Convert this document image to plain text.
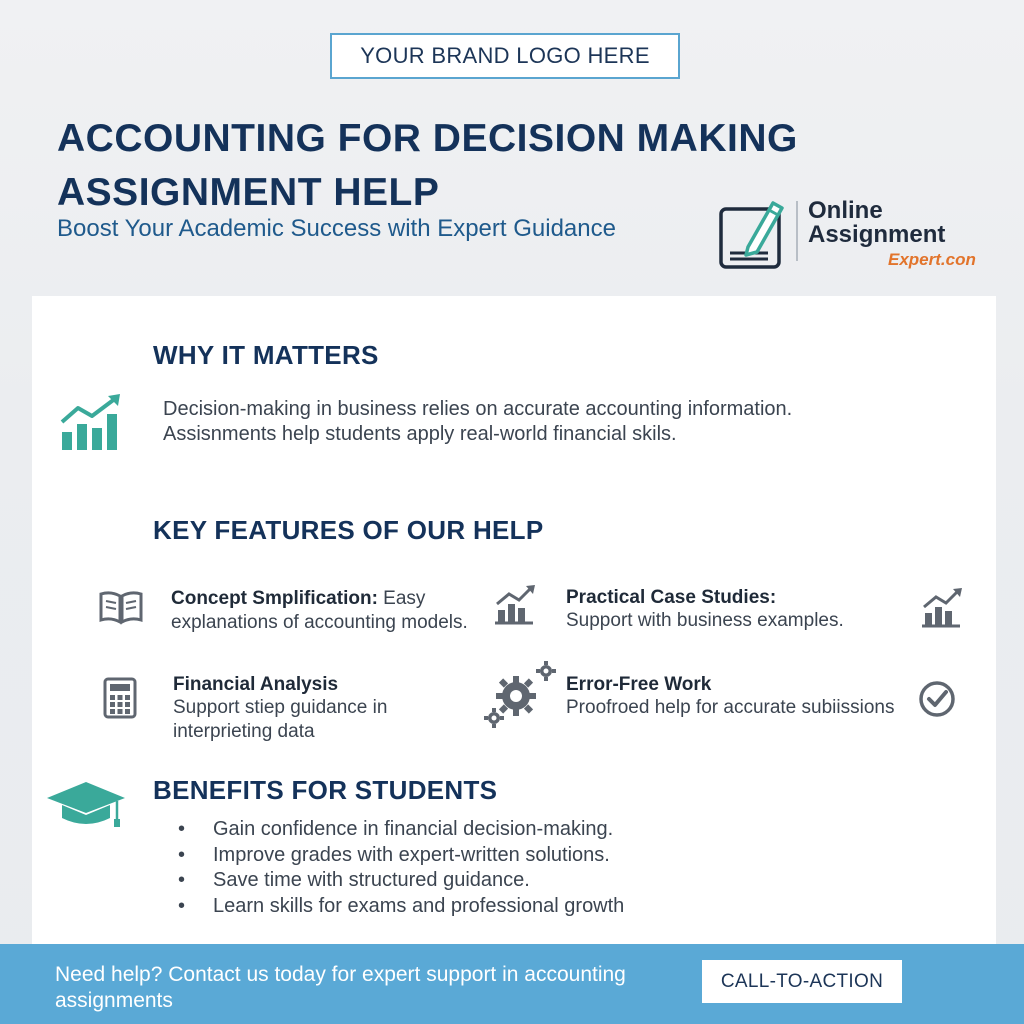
YOUR BRAND LOGO HERE
ACCOUNTING FOR DECISION MAKING ASSIGNMENT HELP
Boost Your Academic Success with Expert Guidance
Online
Assignment
Expert.con
WHY IT MATTERS
Decision-making in business relies on accurate accounting information.
Assisnments help students apply real-world financial skils.
KEY FEATURES OF OUR HELP
Concept Smplification: Easy
explanations of accounting models.
Practical Case Studies:
Support with business examples.
Financial Analysis
Support stiep guidance in interprieting data
Error-Free Work
Proofroed help for accurate subiissions
BENEFITS FOR STUDENTS
• Gain confidence in financial decision-making.
• Improve grades with expert-written solutions.
• Save time with structured guidance.
• Learn skills for exams and professional growth
Need help? Contact us today for expert support in accounting assignments
CALL-TO-ACTION
